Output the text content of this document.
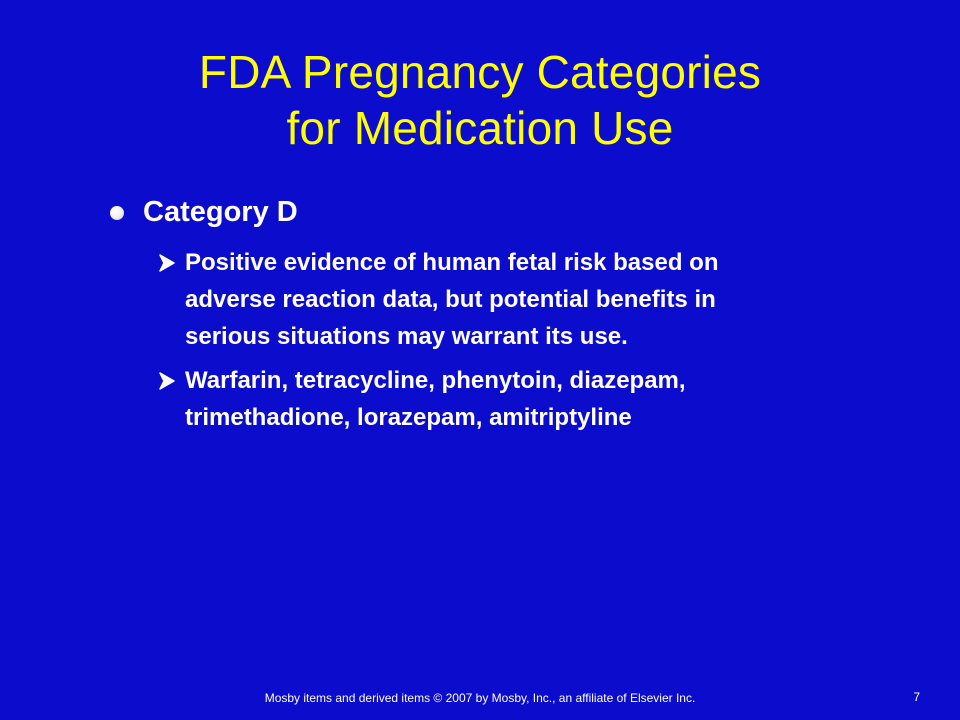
FDA Pregnancy Categories
for Medication Use
Category D
Positive evidence of human fetal risk based on
adverse reaction data, but potential benefits in
serious situations may warrant its use.
Warfarin, tetracycline, phenytoin, diazepam,
trimethadione, lorazepam, amitriptyline
Mosby items and derived items © 2007 by Mosby, Inc., an affiliate of Elsevier Inc.	7
